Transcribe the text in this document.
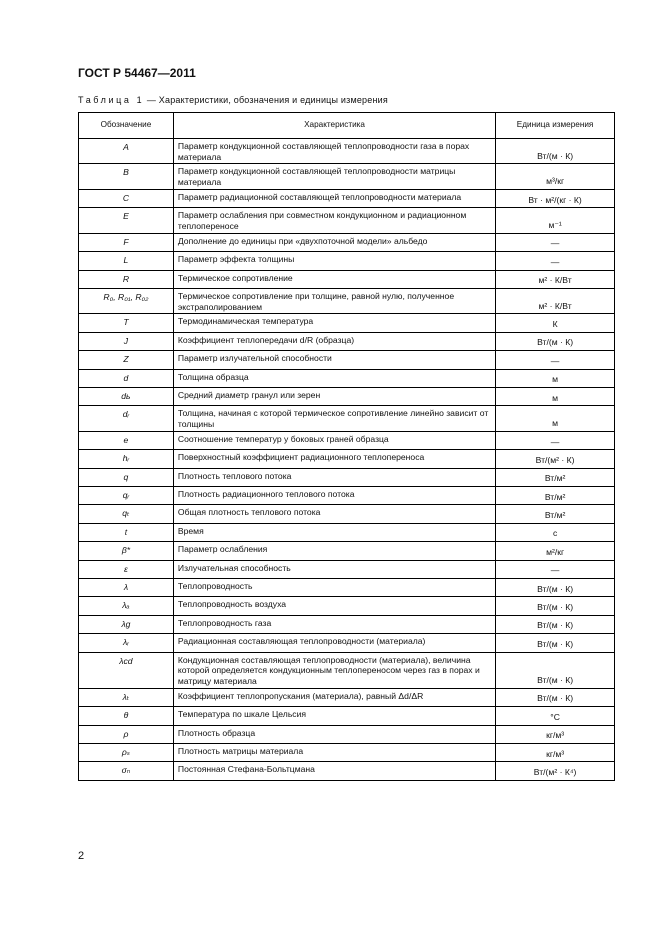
ГОСТ Р 54467—2011
Таблица 1 — Характеристики, обозначения и единицы измерения
Обозначение	Характеристика	Единица измерения
A	Параметр кондукционной составляющей теплопроводности газа в порах материала	Вт/(м · К)
B	Параметр кондукционной составляющей теплопроводности матрицы материала	м³/кг
C	Параметр радиационной составляющей теплопроводности материала	Вт · м²/(кг · К)
E	Параметр ослабления при совместном кондукционном и радиационном теплопереносе	м⁻¹
F	Дополнение до единицы при «двухпоточной модели» альбедо	—
L	Параметр эффекта толщины	—
R	Термическое сопротивление	м² · К/Вт
R₀, R₀₁, R₀₂	Термическое сопротивление при толщине, равной нулю, полученное экстраполированием	м² · К/Вт
T	Термодинамическая температура	К
J	Коэффициент теплопередачи d/R (образца)	Вт/(м · К)
Z	Параметр излучательной способности	—
d	Толщина образца	м
dь	Средний диаметр гранул или зерен	м
dᵣ	Толщина, начиная с которой термическое сопротивление линейно зависит от толщины	м
e	Соотношение температур у боковых граней образца	—
hᵣ	Поверхностный коэффициент радиационного теплопереноса	Вт/(м² · К)
q	Плотность теплового потока	Вт/м²
qᵣ	Плотность радиационного теплового потока	Вт/м²
qₜ	Общая плотность теплового потока	Вт/м²
t	Время	с
β*	Параметр ослабления	м²/кг
ε	Излучательная способность	—
λ	Теплопроводность	Вт/(м · К)
λₐ	Теплопроводность воздуха	Вт/(м · К)
λg	Теплопроводность газа	Вт/(м · К)
λᵣ	Радиационная составляющая теплопроводности (материала)	Вт/(м · К)
λcd	Кондукционная составляющая теплопроводности (материала), величина которой определяется кондукционным теплопереносом через газ в порах и матрицу материала	Вт/(м · К)
λₜ	Коэффициент теплопропускания (материала), равный Δd/ΔR	Вт/(м · К)
θ	Температура по шкале Цельсия	°С
ρ	Плотность образца	кг/м³
ρₛ	Плотность матрицы материала	кг/м³
σₙ	Постоянная Стефана-Больтцмана	Вт/(м² · К⁴)
2
